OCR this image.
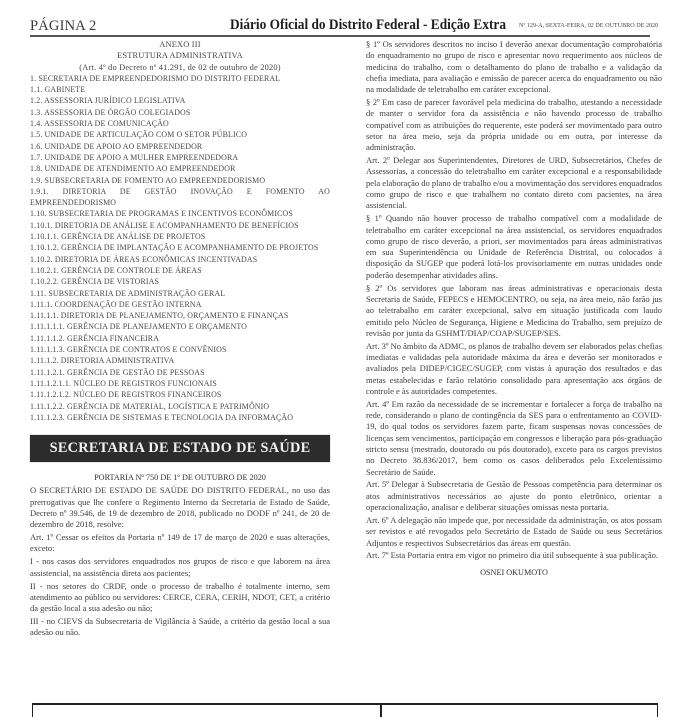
PÁGINA 2	Diário Oficial do Distrito Federal - Edição Extra Nº 129-A, SEXTA-FEIRA, 02 DE OUTUBRO DE 2020
ANEXO III
ESTRUTURA ADMINISTRATIVA
(Art. 4º do Decreto nº 41.291, de 02 de outubro de 2020)
1. SECRETARIA DE EMPREENDEDORISMO DO DISTRITO FEDERAL
1.1. GABINETE
1.2. ASSESSORIA JURÍDICO LEGISLATIVA
1.3. ASSESSORIA DE ÓRGÃO COLEGIADOS
1.4. ASSESSORIA DE COMUNICAÇÃO
1.5. UNIDADE DE ARTICULAÇÃO COM O SETOR PÚBLICO
1.6. UNIDADE DE APOIO AO EMPREENDEDOR
1.7. UNIDADE DE APOIO A MULHER EMPREENDEDORA
1.8. UNIDADE DE ATENDIMENTO AO EMPREENDEDOR
1.9. SUBSECRETARIA DE FOMENTO AO EMPREENDEDORISMO
1.9.1. DIRETORIA DE GESTÃO INOVAÇÃO E FOMENTO AO EMPREENDEDORISMO
1.10. SUBSECRETARIA DE PROGRAMAS E INCENTIVOS ECONÔMICOS
1.10.1. DIRETORIA DE ANÁLISE E ACOMPANHAMENTO DE BENEFÍCIOS
1.10.1.1. GERÊNCIA DE ANÁLISE DE PROJETOS
1.10.1.2. GERÊNCIA DE IMPLANTAÇÃO E ACOMPANHAMENTO DE PROJETOS
1.10.2. DIRETORIA DE ÁREAS ECONÔMICAS INCENTIVADAS
1.10.2.1. GERÊNCIA DE CONTROLE DE ÁREAS
1.10.2.2. GERÊNCIA DE VISTORIAS
1.11. SUBSECRETARIA DE ADMINISTRAÇÃO GERAL
1.11.1. COORDENAÇÃO DE GESTÃO INTERNA
1.11.1.1. DIRETORIA DE PLANEJAMENTO, ORÇAMENTO E FINANÇAS
1.11.1.1.1. GERÊNCIA DE PLANEJAMENTO E ORÇAMENTO
1.11.1.1.2. GERÊNCIA FINANCEIRA
1.11.1.1.3. GERÊNCIA DE CONTRATOS E CONVÊNIOS
1.11.1.2. DIRETORIA ADMINISTRATIVA
1.11.1.2.1. GERÊNCIA DE GESTÃO DE PESSOAS
1.11.1.2.1.1. NÚCLEO DE REGISTROS FUNCIONAIS
1.11.1.2.1.2. NÚCLEO DE REGISTROS FINANCEIROS
1.11.1.2.2. GERÊNCIA DE MATERIAL, LOGÍSTICA E PATRIMÔNIO
1.11.1.2.3. GERÊNCIA DE SISTEMAS E TECNOLOGIA DA INFORMAÇÃO
SECRETARIA DE ESTADO DE SAÚDE
PORTARIA Nº 750 DE 1º DE OUTUBRO DE 2020

O SECRETÁRIO DE ESTADO DE SAÚDE DO DISTRITO FEDERAL, no uso das prerrogativas que lhe confere o Regimento Interno da Secretaria de Estado de Saúde, Decreto nº 39.546, de 19 de dezembro de 2018, publicado no DODF nº 241, de 20 de dezembro de 2018, resolve:

Art. 1º Cessar os efeitos da Portaria nº 149 de 17 de março de 2020 e suas alterações, exceto:

I - nos casos dos servidores enquadrados nos grupos de risco e que laborem na área assistencial, na assistência direta aos pacientes;

II - nos setores do CRDF, onde o processo de trabalho é totalmente interno, sem atendimento ao público ou servidores: CERCE, CERA, CERIH, NDOT, CET, a critério da gestão local a sua adesão ou não;

III - no CIEVS da Subsecretaria de Vigilância à Saúde, a critério da gestão local a sua adesão ou não.

§ 1º Os servidores descritos no inciso I deverão anexar documentação comprobatória do enquadramento no grupo de risco e apresentar novo requerimento aos núcleos de medicina do trabalho, com o detalhamento do plano de trabalho e a validação da chefia imediata, para avaliação e emissão de parecer acerca do enquadramento ou não na modalidade de teletrabalho em caráter excepcional.

§ 2º Em caso de parecer favorável pela medicina do trabalho, atestando a necessidade de manter o servidor fora da assistência e não havendo processo de trabalho compatível com as atribuições do requerente, este poderá ser movimentado para outro setor na área meio, seja da própria unidade ou em outra, por interesse da administração.

Art. 2º Delegar aos Superintendentes, Diretores de URD, Subsecretários, Chefes de Assessorias, a concessão do teletrabalho em caráter excepcional e a responsabilidade pela elaboração do plano de trabalho e/ou a movimentação dos servidores enquadrados como grupo de risco e que trabalhem no contato direto com pacientes, na área assistencial.

§ 1º Quando não houver processo de trabalho compatível com a modalidade de teletrabalho em caráter excepcional na área assistencial, os servidores enquadrados como grupo de risco deverão, a priori, ser movimentados para áreas administrativas em sua Superintendência ou Unidade de Referência Distrital, ou colocados à disposição da SUGEP que poderá lotá-los provisoriamente em outras unidades onde poderão desempenhar atividades afins.

§ 2º Os servidores que laboram nas áreas administrativas e operacionais desta Secretaria de Saúde, FEPECS e HEMOCENTRO, ou seja, na área meio, não farão jus ao teletrabalho em caráter excepcional, salvo em situação justificada com laudo emitido pelo Núcleo de Segurança, Higiene e Medicina do Trabalho, sem prejuízo de revisão por junta da GSHMT/DIAP/COAP/SUGEP/SES.

Art. 3º No âmbito da ADMC, os planos de trabalho devem ser elaborados pelas chefias imediatas e validadas pela autoridade máxima da área e deverão ser monitorados e avaliados pela DIDEP/CIGEC/SUGEP, com vistas à apuração dos resultados e das metas estabelecidas e farão relatório consolidado para apresentação aos órgãos de controle e às autoridades competentes.

Art. 4º Em razão da necessidade de se incrementar e fortalecer a força de trabalho na rede, considerando o plano de contingência da SES para o enfrentamento ao COVID-19, do qual todos os servidores fazem parte, ficam suspensas novas concessões de licenças sem vencimentos, participação em congressos e liberação para pós-graduação stricto sensu (mestrado, doutorado ou pós doutorado), exceto para os cargos previstos no Decreto 38.836/2017, bem como os casos deliberados pelo Excelentíssimo Secretário de Saúde.

Art. 5º Delegar à Subsecretaria de Gestão de Pessoas competência para determinar os atos administrativos necessários ao ajuste do ponto eletrônico, orientar a operacionalização, analisar e deliberar situações omissas nesta portaria.

Art. 6º A delegação não impede que, por necessidade da administração, os atos possam ser revistos e até revogados pelo Secretário de Estado de Saúde ou seus Secretários Adjuntos e respectivos Subsecretários das áreas em questão.

Art. 7º Esta Portaria entra em vigor no primeiro dia útil subsequente à sua publicação.

OSNEI OKUMOTO
